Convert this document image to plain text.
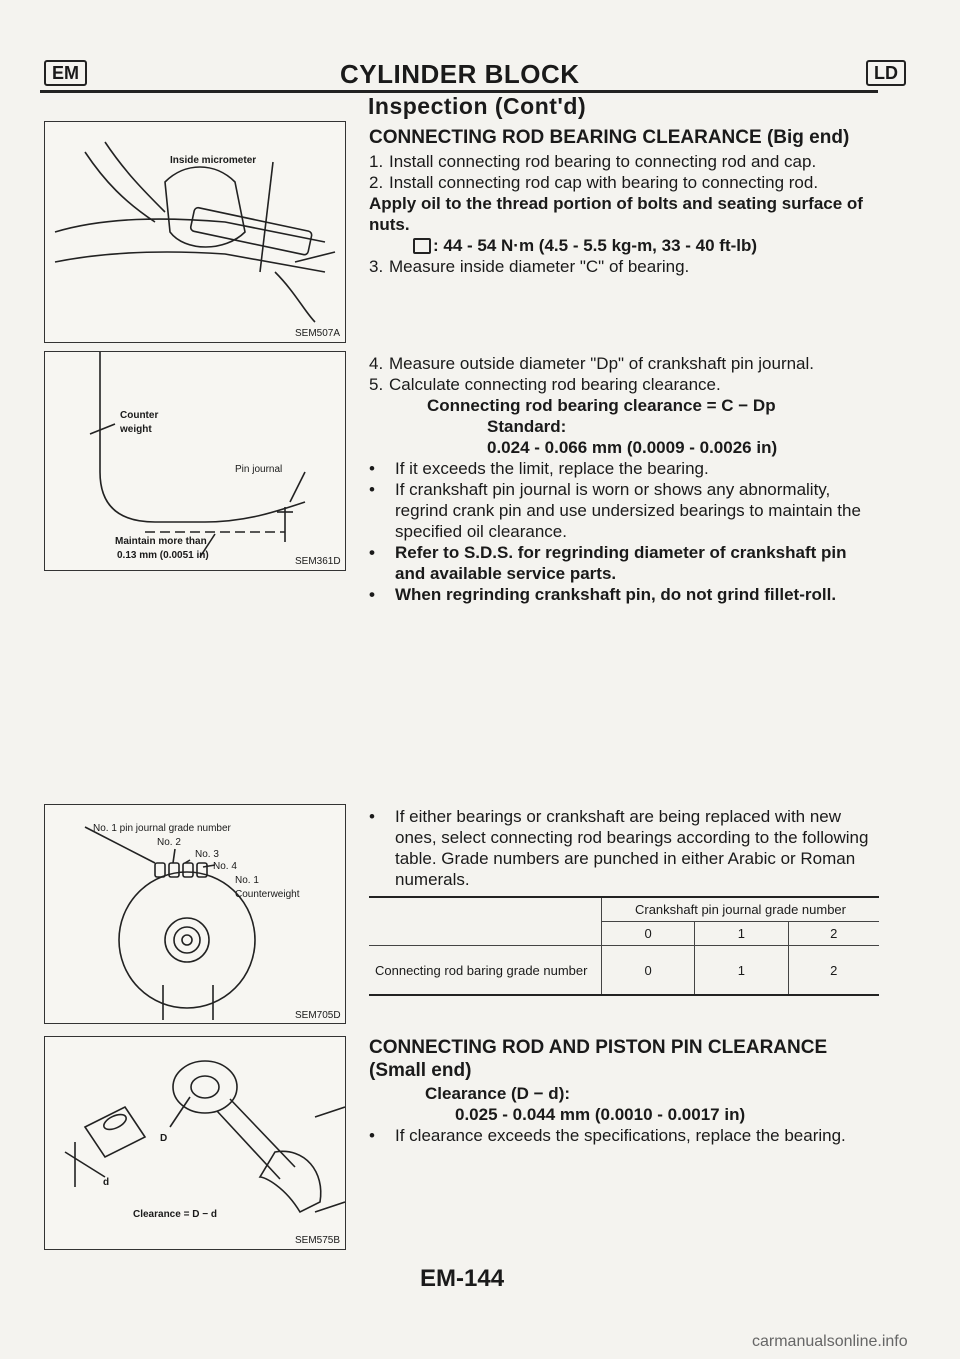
EM	CYLINDER BLOCK	LD
Inspection (Cont'd)
Inside micrometer
SEM507A
Counter
weight
Pin journal
Maintain more than
0.13 mm (0.0051 in)
SEM361D
CONNECTING ROD BEARING CLEARANCE (Big end)
1. Install connecting rod bearing to connecting rod and cap.
2. Install connecting rod cap with bearing to connecting rod.
Apply oil to the thread portion of bolts and seating surface of nuts.
: 44 - 54 N·m (4.5 - 5.5 kg-m, 33 - 40 ft-lb)
3. Measure inside diameter "C" of bearing.
4. Measure outside diameter "Dp" of crankshaft pin journal.
5. Calculate connecting rod bearing clearance.
Connecting rod bearing clearance = C − Dp
Standard:
0.024 - 0.066 mm (0.0009 - 0.0026 in)
•	If it exceeds the limit, replace the bearing.
•	If crankshaft pin journal is worn or shows any abnormality, regrind crank pin and use undersized bearings to maintain the specified oil clearance.
•	Refer to S.D.S. for regrinding diameter of crankshaft pin and available service parts.
•	When regrinding crankshaft pin, do not grind fillet-roll.
No. 1 pin journal grade number
No. 2
No. 3
No. 4
No. 1
Counterweight
SEM705D
•	If either bearings or crankshaft are being replaced with new ones, select connecting rod bearings according to the following table. Grade numbers are punched in either Arabic or Roman numerals.
	Crankshaft pin journal grade number		
	0	1	2
Connecting rod baring grade number	0	1	2
D
d
Clearance = D − d
SEM575B
CONNECTING ROD AND PISTON PIN CLEARANCE (Small end)
Clearance (D − d):
0.025 - 0.044 mm (0.0010 - 0.0017 in)
•	If clearance exceeds the specifications, replace the bearing.
EM-144
carmanualsonline.info
